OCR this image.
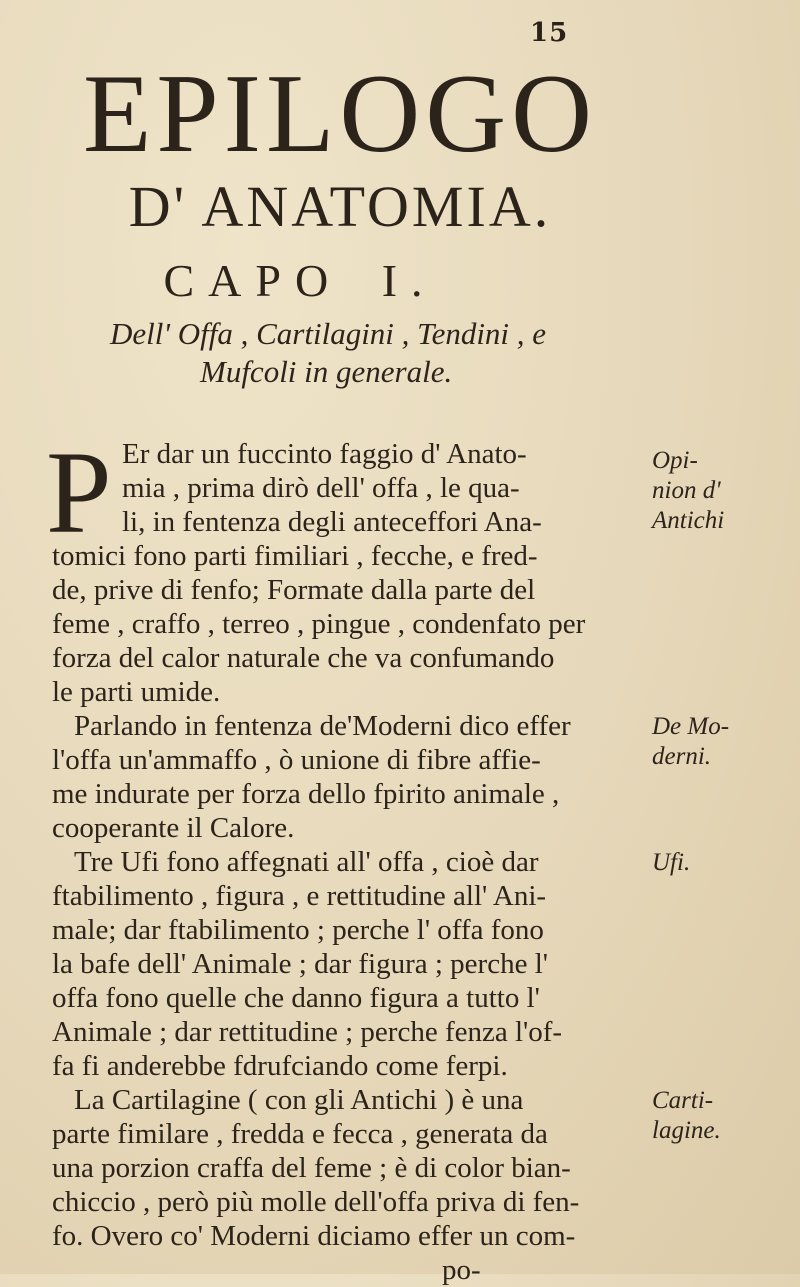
15
EPILOGO
D' ANATOMIA.
CAPO I.
Dell' Offa , Cartilagini , Tendini , e
Mufcoli in generale.
P Er dar un fuccinto faggio d' Anato-
mia , prima dirò dell' offa , le qua-
li, in fentenza degli anteceffori Ana-
tomici fono parti fimiliari , fecche, e fred-
de, prive di fenfo; Formate dalla parte del
feme , craffo , terreo , pingue , condenfato per
forza del calor naturale che va confumando
le parti umide.
Parlando in fentenza de'Moderni dico effer
l'offa un'ammaffo , ò unione di fibre affie-
me indurate per forza dello fpirito animale ,
cooperante il Calore.
Tre Ufi fono affegnati all' offa , cioè dar
ftabilimento , figura , e rettitudine all' Ani-
male; dar ftabilimento ; perche l' offa fono
la bafe dell' Animale ; dar figura ; perche l'
offa fono quelle che danno figura a tutto l'
Animale ; dar rettitudine ; perche fenza l'of-
fa fi anderebbe fdrufciando come ferpi.
La Cartilagine ( con gli Antichi ) è una
parte fimilare , fredda e fecca , generata da
una porzion craffa del feme ; è di color bian-
chiccio , però più molle dell'offa priva di fen-
fo. Overo co' Moderni diciamo effer un com-
po-
Opi-
nion d'
Antichi
De Mo-
derni.
Ufi.
Carti-
lagine.
